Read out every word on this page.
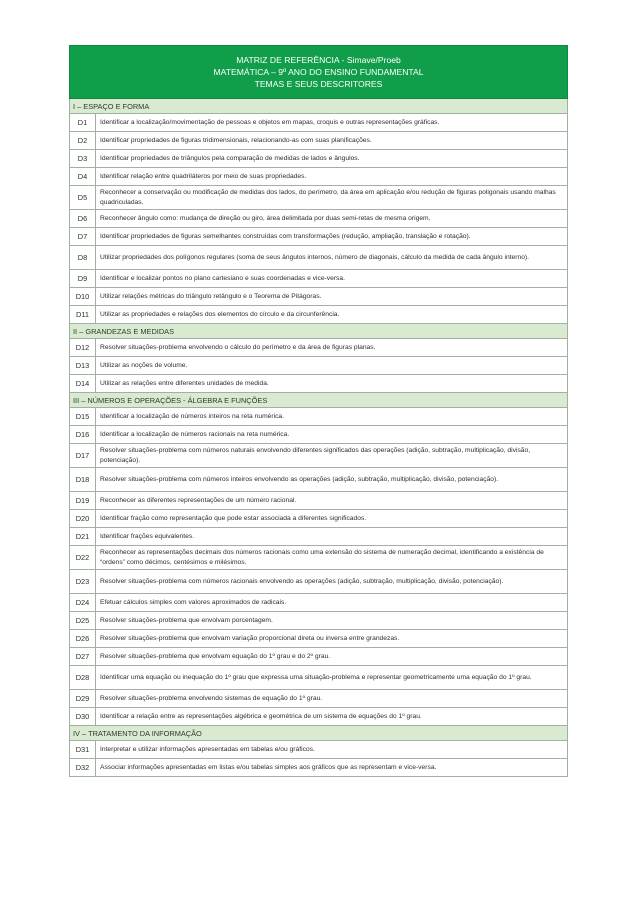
MATRIZ DE REFERÊNCIA - Simave/Proeb
MATEMÁTICA – 9º ANO DO ENSINO FUNDAMENTAL
TEMAS E SEUS DESCRITORES	

I – ESPAÇO E FORMA	
D1	Identificar a localização/movimentação de pessoas e objetos em mapas, croquis e outras representações gráficas.
D2	Identificar propriedades de figuras tridimensionais, relacionando-as com suas planificações.
D3	Identificar propriedades de triângulos pela comparação de medidas de lados e ângulos.
D4	Identificar relação entre quadriláteros por meio de suas propriedades.
D5	Reconhecer a conservação ou modificação de medidas dos lados, do perímetro, da área em aplicação e/ou redução de figuras poligonais usando malhas quadriculadas.
D6	Reconhecer ângulo como: mudança de direção ou giro, área delimitada por duas semi-retas de mesma origem.
D7	Identificar propriedades de figuras semelhantes construídas com transformações (redução, ampliação, translação e rotação).
D8	Utilizar propriedades dos polígonos regulares (soma de seus ângulos internos, número de diagonais, cálculo da medida de cada ângulo interno).
D9	Identificar e localizar pontos no plano cartesiano e suas coordenadas e vice-versa.
D10	Utilizar relações métricas do triângulo retângulo e o Teorema de Pitágoras.
D11	Utilizar as propriedades e relações dos elementos do círculo e da circunferência.
II – GRANDEZAS E MEDIDAS	
D12	Resolver situações-problema envolvendo o cálculo do perímetro e da área de figuras planas.
D13	Utilizar as noções de volume.
D14	Utilizar as relações entre diferentes unidades de medida.
III – NÚMEROS E OPERAÇÕES - ÁLGEBRA E FUNÇÕES	
D15	Identificar a localização de números inteiros na reta numérica.
D16	Identificar a localização de números racionais na reta numérica.
D17	Resolver situações-problema com números naturais envolvendo diferentes significados das operações (adição, subtração, multiplicação, divisão, potenciação).
D18	Resolver situações-problema com números inteiros envolvendo as operações (adição, subtração, multiplicação, divisão, potenciação).
D19	Reconhecer as diferentes representações de um número racional.
D20	Identificar fração como representação que pode estar associada a diferentes significados.
D21	Identificar frações equivalentes.
D22	Reconhecer as representações decimais dos números racionais como uma extensão do sistema de numeração decimal, identificando a existência de “ordens” como décimos, centésimos e milésimos.
D23	Resolver situações-problema com números racionais envolvendo as operações (adição, subtração, multiplicação, divisão, potenciação).
D24	Efetuar cálculos simples com valores aproximados de radicais.
D25	Resolver situações-problema que envolvam porcentagem.
D26	Resolver situações-problema que envolvam variação proporcional direta ou inversa entre grandezas.
D27	Resolver situações-problema que envolvam equação do 1º grau e do 2º grau.
D28	Identificar uma equação ou inequação do 1º grau que expressa uma situação-problema e representar geometricamente uma equação do 1º grau.
D29	Resolver situações-problema envolvendo sistemas de equação do 1º grau.
D30	Identificar a relação entre as representações algébrica e geométrica de um sistema de equações do 1º grau.
IV – TRATAMENTO DA INFORMAÇÃO	
D31	Interpretar e utilizar informações apresentadas em tabelas e/ou gráficos.
D32	Associar informações apresentadas em listas e/ou tabelas simples aos gráficos que as representam e vice-versa.
